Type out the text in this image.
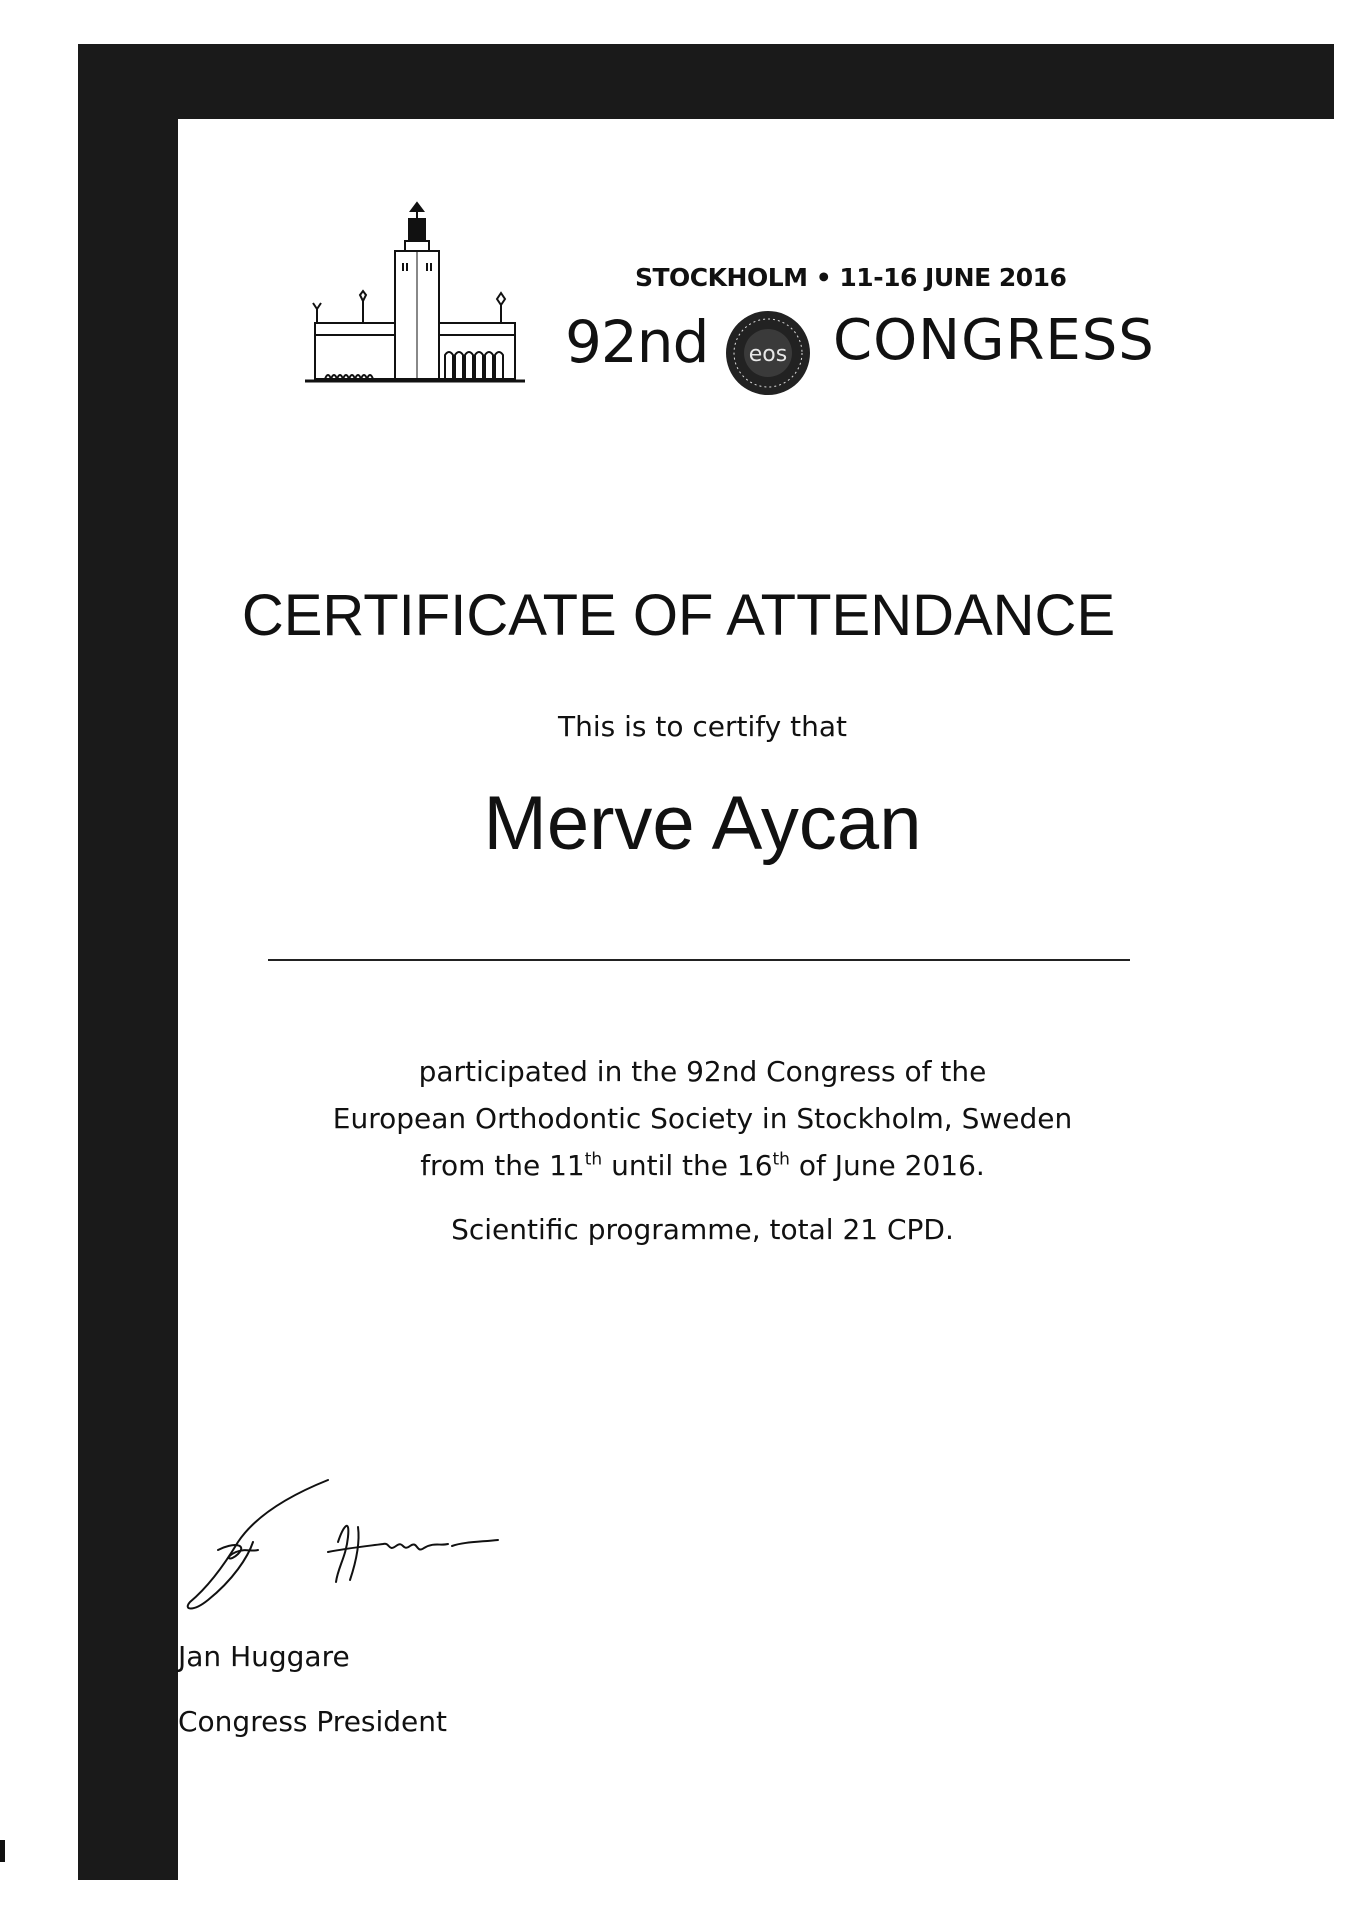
STOCKHOLM • 11-16 JUNE 2016
92nd eos CONGRESS
CERTIFICATE OF ATTENDANCE
This is to certify that
Merve Aycan
participated in the 92nd Congress of the
European Orthodontic Society in Stockholm, Sweden
from the 11th until the 16th of June 2016.
Scientific programme, total 21 CPD.
Jan Huggare
Congress President
